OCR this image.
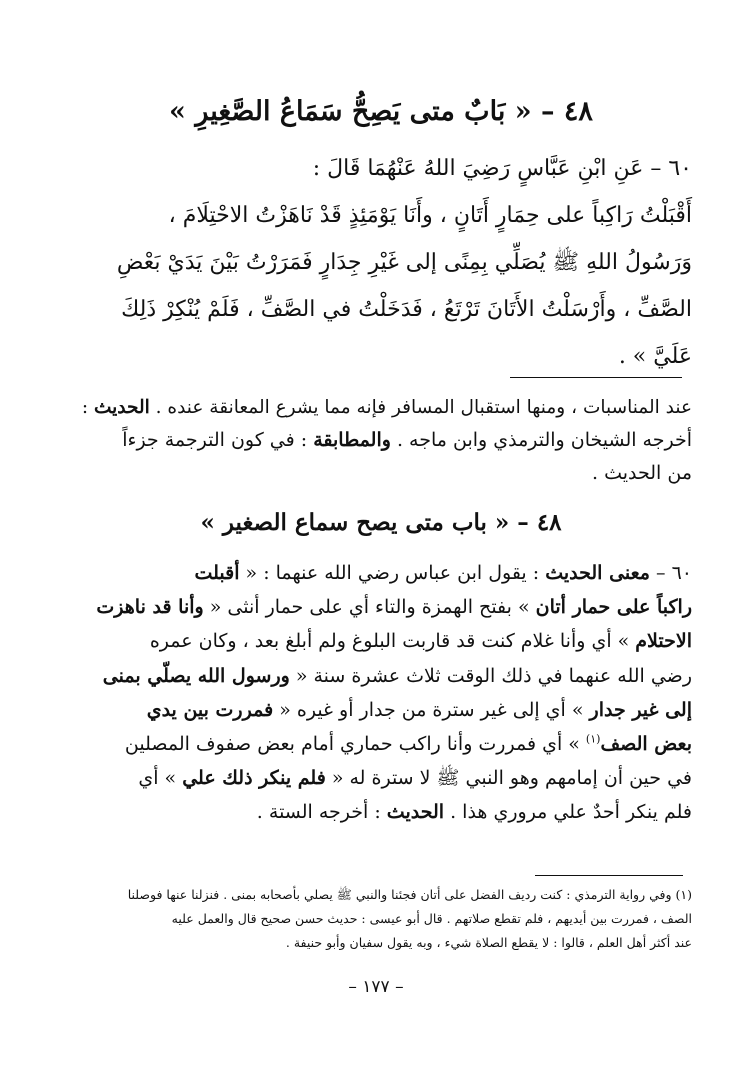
٤٨ – « بَابٌ متى يَصِحُّ سَمَاعُ الصَّغِيرِ »
٦٠ – عَنِ ابْنِ عَبَّاسٍ رَضِيَ اللهُ عَنْهُمَا قَالَ :
أَقْبَلْتُ رَاكِباً على حِمَارٍ أَتَانٍ ، وأَنَا يَوْمَئِذٍ قَدْ نَاهَزْتُ الاحْتِلَامَ ،
وَرَسُولُ اللهِ ﷺ يُصَلِّي بِمِنًى إلى غَيْرِ جِدَارٍ فَمَرَرْتُ بَيْنَ يَدَيْ بَعْضِ
الصَّفِّ ، وأَرْسَلْتُ الأَتَانَ تَرْتَعُ ، فَدَخَلْتُ في الصَّفِّ ، فَلَمْ يُنْكِرْ ذَلِكَ
عَلَيَّ » .
عند المناسبات ، ومنها استقبال المسافر فإنه مما يشرع المعانقة عنده . الحديث :
أخرجه الشيخان والترمذي وابن ماجه . والمطابقة : في كون الترجمة جزءاً
من الحديث .
٤٨ – « باب متى يصح سماع الصغير »
٦٠ – معنى الحديث : يقول ابن عباس رضي الله عنهما : « أقبلت
راكباً على حمار أتان » بفتح الهمزة والتاء أي على حمار أنثى « وأنا قد ناهزت
الاحتلام » أي وأنا غلام كنت قد قاربت البلوغ ولم أبلغ بعد ، وكان عمره
رضي الله عنهما في ذلك الوقت ثلاث عشرة سنة « ورسول الله يصلّي بمنى
إلى غير جدار » أي إلى غير سترة من جدار أو غيره « فمررت بين يدي
بعض الصف$^{(١)}$ » أي فمررت وأنا راكب حماري أمام بعض صفوف المصلين
في حين أن إمامهم وهو النبي ﷺ لا سترة له « فلم ينكر ذلك علي » أي
فلم ينكر أحدٌ علي مروري هذا . الحديث : أخرجه الستة .
(١) وفي رواية الترمذي : كنت رديف الفضل على أتان فجئنا والنبي ﷺ يصلي بأصحابه بمنى . فنزلنا عنها فوصلنا
الصف ، فمررت بين أيديهم ، فلم تقطع صلاتهم . قال أبو عيسى : حديث حسن صحيح قال والعمل عليه
عند أكثر أهل العلم ، قالوا : لا يقطع الصلاة شيء ، وبه يقول سفيان وأبو حنيفة .
– ١٧٧ –
